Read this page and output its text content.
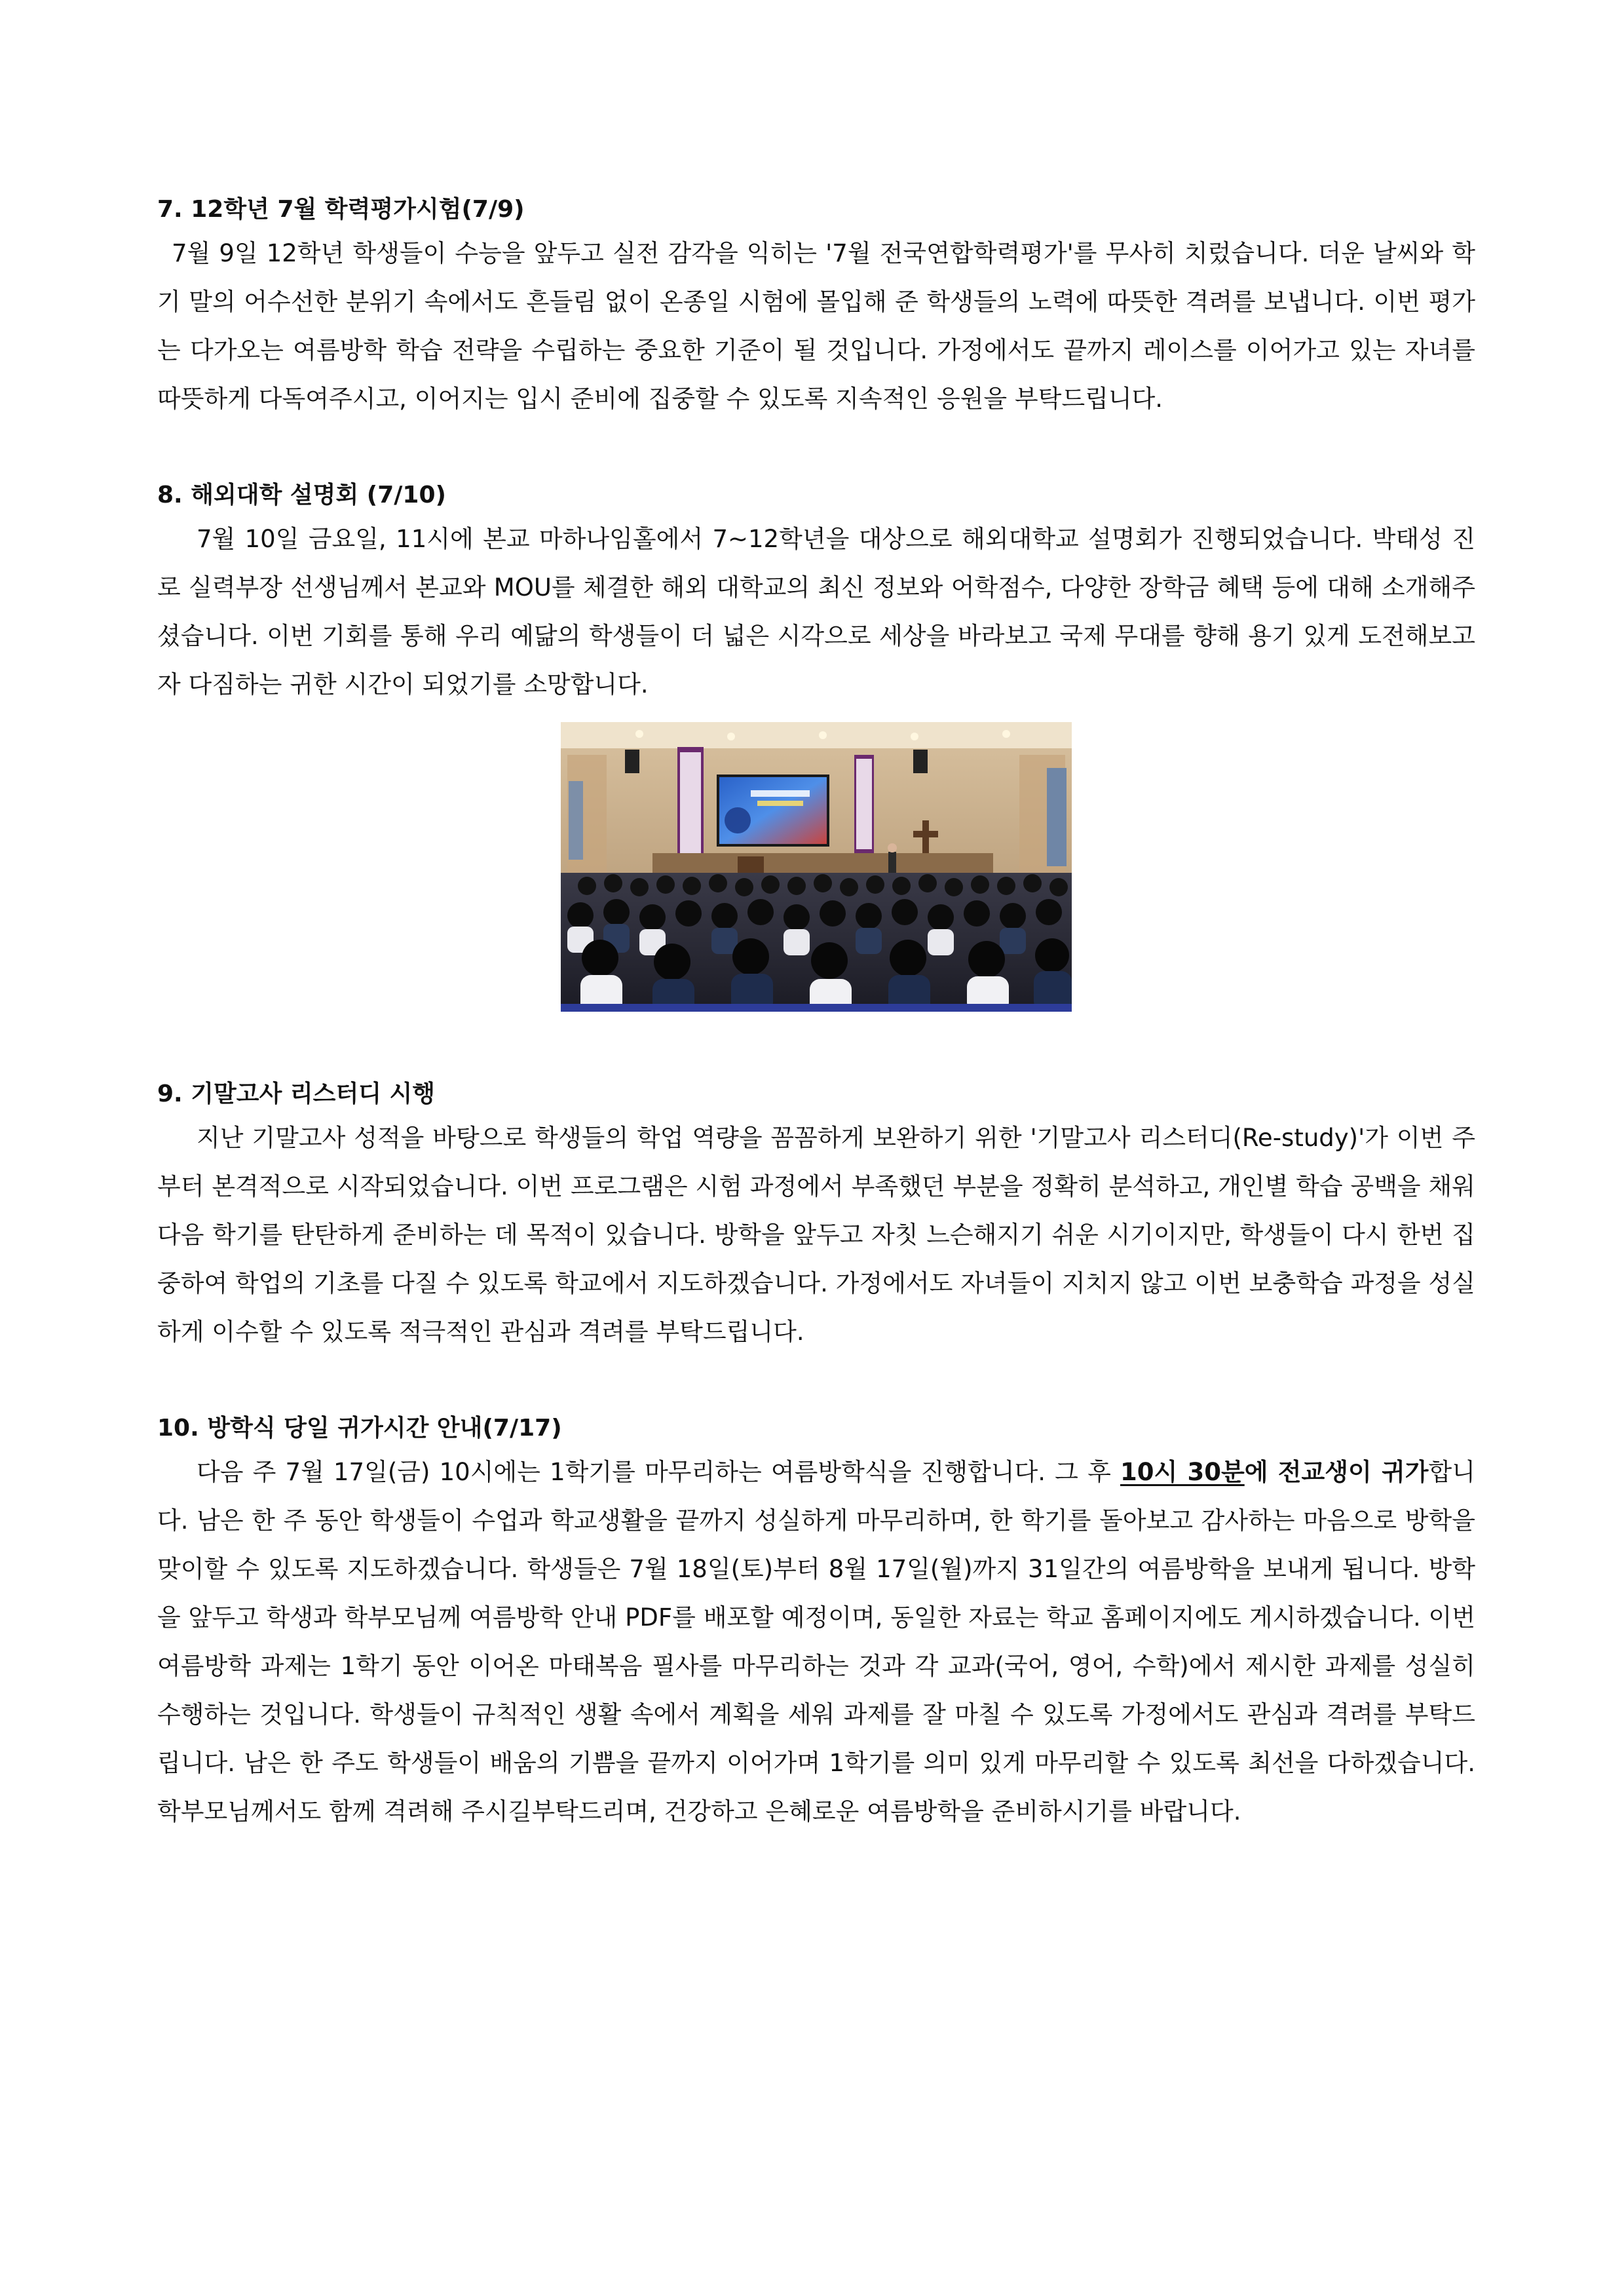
7. 12학년 7월 학력평가시험(7/9)

7월 9일 12학년 학생들이 수능을 앞두고 실전 감각을 익히는 '7월 전국연합학력평가'를 무사히 치렀습니다. 더운 날씨와 학기 말의 어수선한 분위기 속에서도 흔들림 없이 온종일 시험에 몰입해 준 학생들의 노력에 따뜻한 격려를 보냅니다. 이번 평가는 다가오는 여름방학 학습 전략을 수립하는 중요한 기준이 될 것입니다. 가정에서도 끝까지 레이스를 이어가고 있는 자녀를 따뜻하게 다독여주시고, 이어지는 입시 준비에 집중할 수 있도록 지속적인 응원을 부탁드립니다.

8. 해외대학 설명회 (7/10)

7월 10일 금요일, 11시에 본교 마하나임홀에서 7~12학년을 대상으로 해외대학교 설명회가 진행되었습니다. 박태성 진로 실력부장 선생님께서 본교와 MOU를 체결한 해외 대학교의 최신 정보와 어학점수, 다양한 장학금 혜택 등에 대해 소개해주셨습니다. 이번 기회를 통해 우리 예닮의 학생들이 더 넓은 시각으로 세상을 바라보고 국제 무대를 향해 용기 있게 도전해보고자 다짐하는 귀한 시간이 되었기를 소망합니다.

9. 기말고사 리스터디 시행

지난 기말고사 성적을 바탕으로 학생들의 학업 역량을 꼼꼼하게 보완하기 위한 '기말고사 리스터디(Re-study)'가 이번 주부터 본격적으로 시작되었습니다. 이번 프로그램은 시험 과정에서 부족했던 부분을 정확히 분석하고, 개인별 학습 공백을 채워 다음 학기를 탄탄하게 준비하는 데 목적이 있습니다. 방학을 앞두고 자칫 느슨해지기 쉬운 시기이지만, 학생들이 다시 한번 집중하여 학업의 기초를 다질 수 있도록 학교에서 지도하겠습니다. 가정에서도 자녀들이 지치지 않고 이번 보충학습 과정을 성실하게 이수할 수 있도록 적극적인 관심과 격려를 부탁드립니다.

10. 방학식 당일 귀가시간 안내(7/17)

다음 주 7월 17일(금) 10시에는 1학기를 마무리하는 여름방학식을 진행합니다. 그 후 10시 30분에 전교생이 귀가합니다. 남은 한 주 동안 학생들이 수업과 학교생활을 끝까지 성실하게 마무리하며, 한 학기를 돌아보고 감사하는 마음으로 방학을 맞이할 수 있도록 지도하겠습니다. 학생들은 7월 18일(토)부터 8월 17일(월)까지 31일간의 여름방학을 보내게 됩니다. 방학을 앞두고 학생과 학부모님께 여름방학 안내 PDF를 배포할 예정이며, 동일한 자료는 학교 홈페이지에도 게시하겠습니다. 이번 여름방학 과제는 1학기 동안 이어온 마태복음 필사를 마무리하는 것과 각 교과(국어, 영어, 수학)에서 제시한 과제를 성실히 수행하는 것입니다. 학생들이 규칙적인 생활 속에서 계획을 세워 과제를 잘 마칠 수 있도록 가정에서도 관심과 격려를 부탁드립니다. 남은 한 주도 학생들이 배움의 기쁨을 끝까지 이어가며 1학기를 의미 있게 마무리할 수 있도록 최선을 다하겠습니다. 학부모님께서도 함께 격려해 주시길부탁드리며, 건강하고 은혜로운 여름방학을 준비하시기를 바랍니다.
